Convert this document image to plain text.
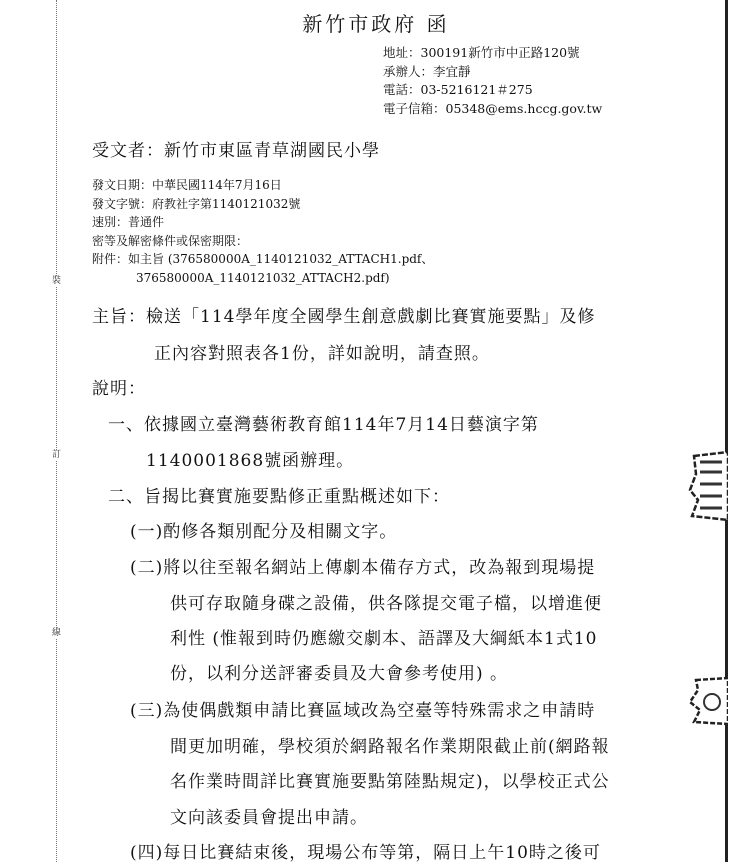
裝
訂
線
新竹市政府 函
地址：300191新竹市中正路120號
承辦人：李宜靜
電話：03-5216121＃275
電子信箱：05348@ems.hccg.gov.tw
受文者：新竹市東區青草湖國民小學
發文日期：中華民國114年7月16日
發文字號：府教社字第1140121032號
速別：普通件
密等及解密條件或保密期限：
附件：如主旨 (376580000A_1140121032_ATTACH1.pdf、
376580000A_1140121032_ATTACH2.pdf)
主旨：檢送「114學年度全國學生創意戲劇比賽實施要點」及修
正內容對照表各1份，詳如說明，請查照。
說明：
一、依據國立臺灣藝術教育館114年7月14日藝演字第
1140001868號函辦理。
二、旨揭比賽實施要點修正重點概述如下：
(一)酌修各類別配分及相關文字。
(二)將以往至報名網站上傳劇本備存方式，改為報到現場提
供可存取隨身碟之設備，供各隊提交電子檔，以增進便
利性 (惟報到時仍應繳交劇本、語譯及大綱紙本1式10
份，以利分送評審委員及大會參考使用) 。
(三)為使偶戲類申請比賽區域改為空臺等特殊需求之申請時
間更加明確，學校須於網路報名作業期限截止前(網路報
名作業時間詳比賽實施要點第陸點規定)，以學校正式公
文向該委員會提出申請。
(四)每日比賽結束後，現場公布等第，隔日上午10時之後可
